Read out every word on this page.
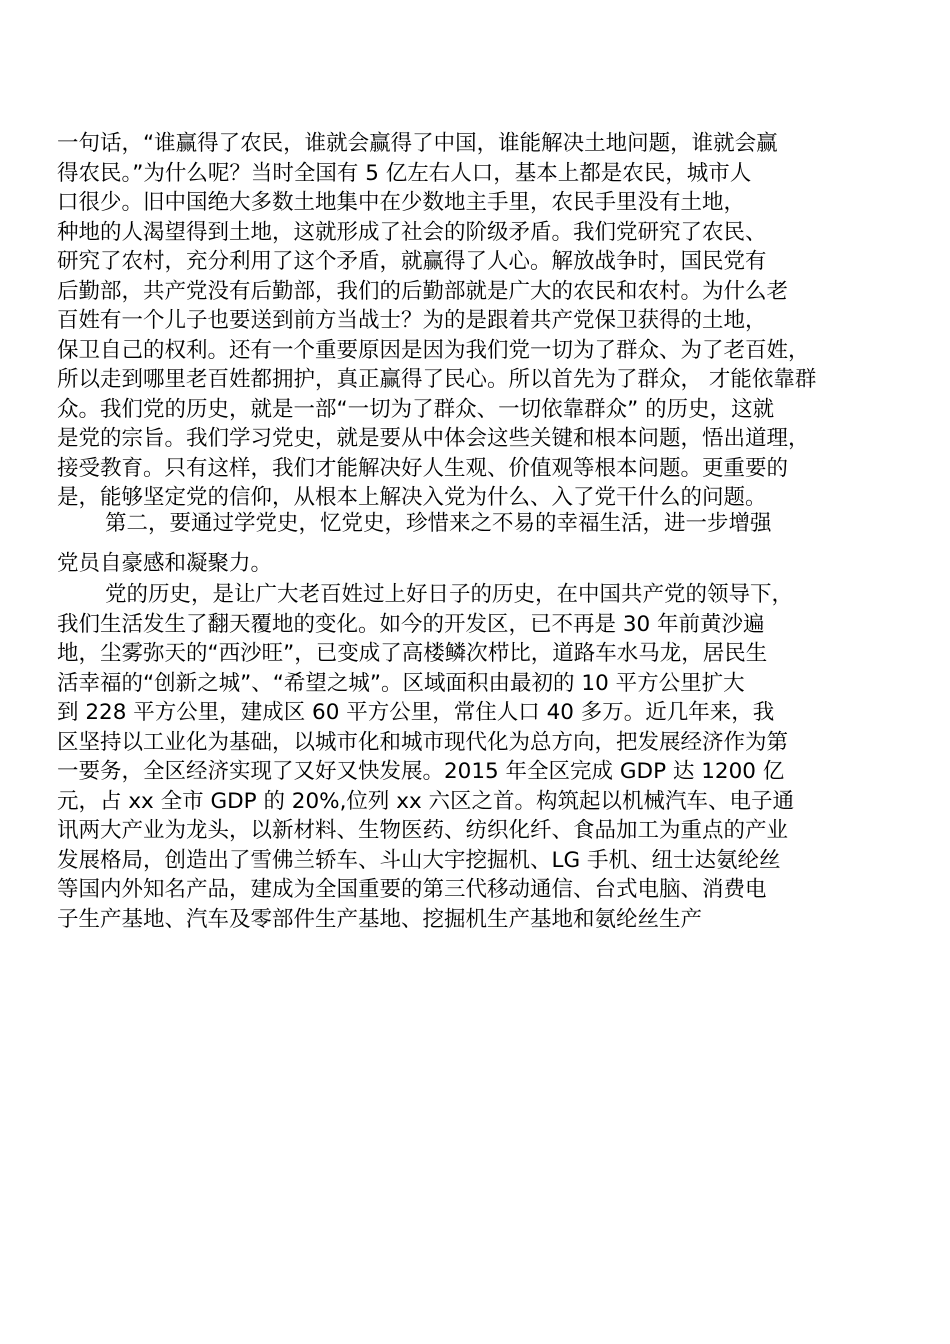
一句话，“谁赢得了农民，谁就会赢得了中国，谁能解决土地问题，谁就会赢
得农民。”为什么呢？当时全国有 5 亿左右人口，基本上都是农民，城市人
口很少。旧中国绝大多数土地集中在少数地主手里，农民手里没有土地，
种地的人渴望得到土地，这就形成了社会的阶级矛盾。我们党研究了农民、
研究了农村，充分利用了这个矛盾，就赢得了人心。解放战争时，国民党有
后勤部，共产党没有后勤部，我们的后勤部就是广大的农民和农村。为什么老
百姓有一个儿子也要送到前方当战士？为的是跟着共产党保卫获得的土地，
保卫自己的权利。还有一个重要原因是因为我们党一切为了群众、为了老百姓，
所以走到哪里老百姓都拥护，真正赢得了民心。所以首先为了群众， 才能依靠群
众。我们党的历史，就是一部“一切为了群众、一切依靠群众” 的历史，这就
是党的宗旨。我们学习党史，就是要从中体会这些关键和根本问题，悟出道理，
接受教育。只有这样，我们才能解决好人生观、价值观等根本问题。更重要的
是，能够坚定党的信仰，从根本上解决入党为什么、入了党干什么的问题。
第二，要通过学党史，忆党史，珍惜来之不易的幸福生活，进一步增强
党员自豪感和凝聚力。
党的历史，是让广大老百姓过上好日子的历史，在中国共产党的领导下，
我们生活发生了翻天覆地的变化。如今的开发区，已不再是 30 年前黄沙遍
地，尘雾弥天的“西沙旺”，已变成了高楼鳞次栉比，道路车水马龙，居民生
活幸福的“创新之城”、“希望之城”。区域面积由最初的 10 平方公里扩大
到 228 平方公里，建成区 60 平方公里，常住人口 40 多万。近几年来，我
区坚持以工业化为基础，以城市化和城市现代化为总方向，把发展经济作为第
一要务，全区经济实现了又好又快发展。2015 年全区完成 GDP 达 1200 亿
元，占 xx 全市 GDP 的 20%,位列 xx 六区之首。构筑起以机械汽车、电子通
讯两大产业为龙头，以新材料、生物医药、纺织化纤、食品加工为重点的产业
发展格局，创造出了雪佛兰轿车、斗山大宇挖掘机、LG 手机、纽士达氨纶丝
等国内外知名产品，建成为全国重要的第三代移动通信、台式电脑、消费电
子生产基地、汽车及零部件生产基地、挖掘机生产基地和氨纶丝生产
